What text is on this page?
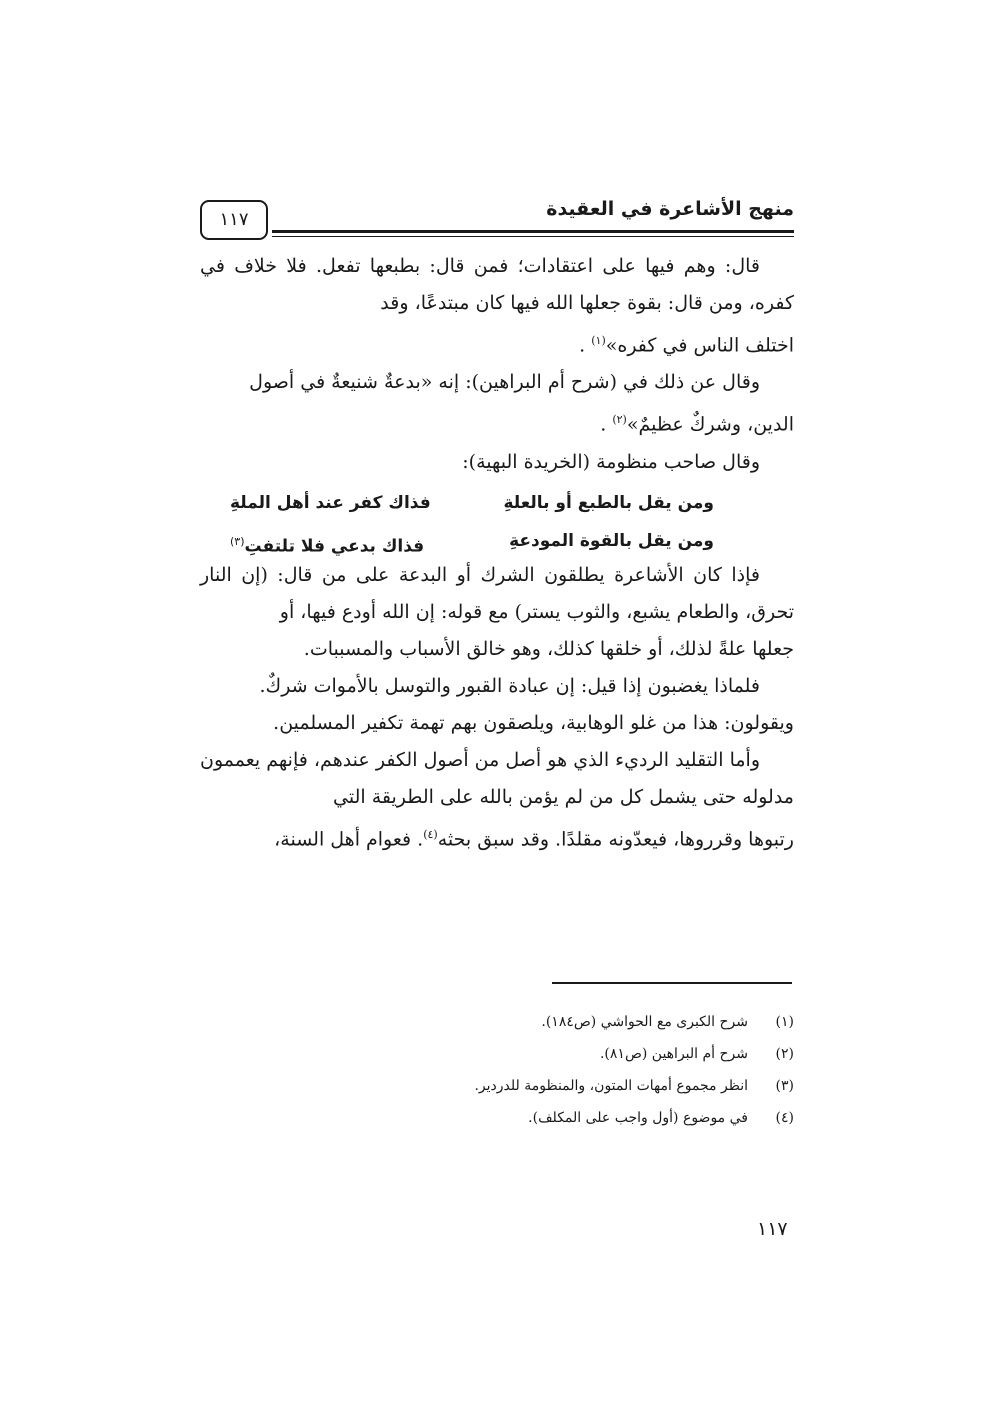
١١٧	منهج الأشاعرة في العقيدة

قال: وهم فيها على اعتقادات؛ فمن قال: بطبعها تفعل. فلا خلاف في كفره، ومن قال: بقوة جعلها الله فيها كان مبتدعًا، وقد
اختلف الناس في كفره»$^{(١)}$ .

وقال عن ذلك في (شرح أم البراهين): إنه «بدعةٌ شنيعةٌ في أصول
الدين، وشركٌ عظيمٌ»$^{(٢)}$ .

وقال صاحب منظومة (الخريدة البهية):

ومن يقل بالطبع أو بالعلةِ
فذاك كفر عند أهل الملةِ
ومن يقل بالقوة المودعةِ
فذاك بدعي فلا تلتفتِ$^{(٣)}$

فإذا كان الأشاعرة يطلقون الشرك أو البدعة على من قال: (إن النار تحرق، والطعام يشبع، والثوب يستر) مع قوله: إن الله أودع فيها، أو
جعلها علةً لذلك، أو خلقها كذلك، وهو خالق الأسباب والمسببات.

فلماذا يغضبون إذا قيل: إن عبادة القبور والتوسل بالأموات شركٌ.

ويقولون: هذا من غلو الوهابية، ويلصقون بهم تهمة تكفير المسلمين.

وأما التقليد الرديء الذي هو أصل من أصول الكفر عندهم، فإنهم يعممون مدلوله حتى يشمل كل من لم يؤمن بالله على الطريقة التي
رتبوها وقرروها، فيعدّونه مقلدًا. وقد سبق بحثه$^{(٤)}$. فعوام أهل السنة،

(١)
شرح الكبرى مع الحواشي (ص١٨٤).
(٢)
شرح أم البراهين (ص٨١).
(٣)
انظر مجموع أمهات المتون، والمنظومة للدردير.
(٤)
في موضوع (أول واجب على المكلف).
١١٧
